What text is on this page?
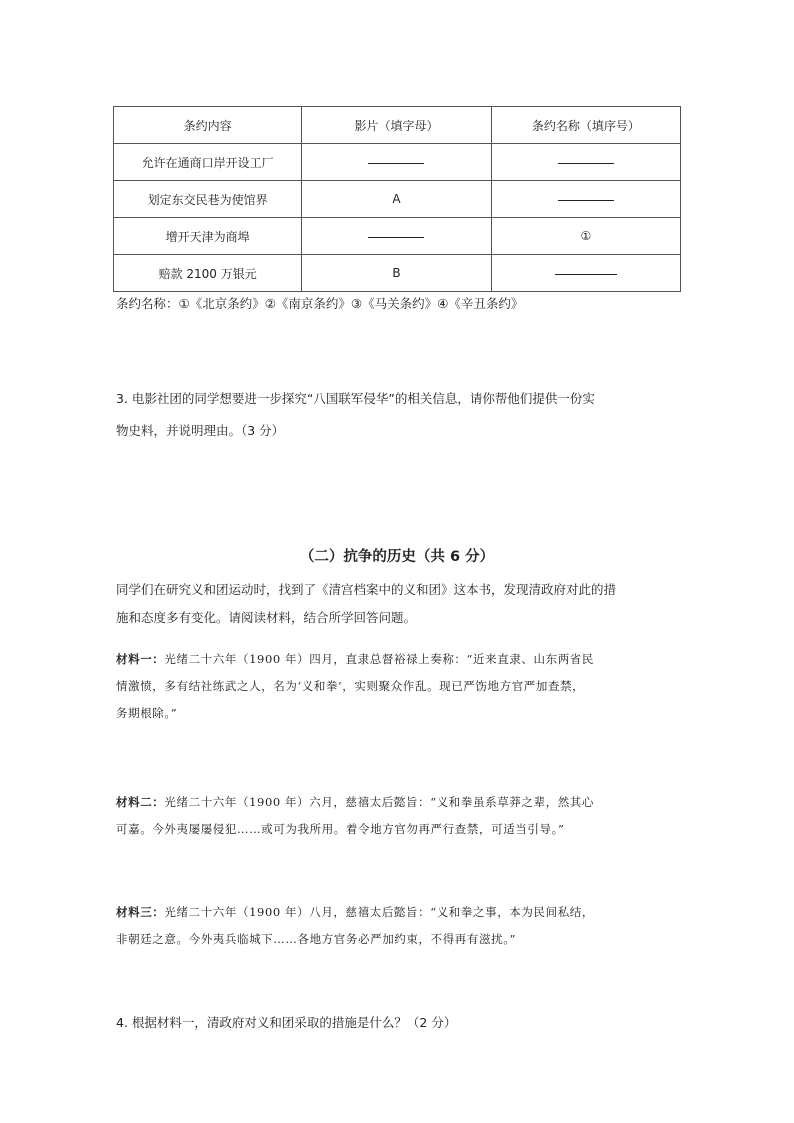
条约内容	影片（填字母）	条约名称（填序号）
允许在通商口岸开设工厂		
划定东交民巷为使馆界	A	
增开天津为商埠		①
赔款 2100 万银元	B	
条约名称：①《北京条约》②《南京条约》③《马关条约》④《辛丑条约》
3. 电影社团的同学想要进一步探究“八国联军侵华”的相关信息，请你帮他们提供一份实
物史料，并说明理由。（3 分）
（二）抗争的历史（共 6 分）
同学们在研究义和团运动时，找到了《清宫档案中的义和团》这本书，发现清政府对此的措
施和态度多有变化。请阅读材料，结合所学回答问题。
材料一：光绪二十六年（1900 年）四月，直隶总督裕禄上奏称：“近来直隶、山东两省民
情激愤，多有结社练武之人，名为‘义和拳’，实则聚众作乱。现已严饬地方官严加查禁，
务期根除。”
材料二：光绪二十六年（1900 年）六月，慈禧太后懿旨：“义和拳虽系草莽之辈，然其心
可嘉。今外夷屡屡侵犯……或可为我所用。着令地方官勿再严行查禁，可适当引导。”
材料三：光绪二十六年（1900 年）八月，慈禧太后懿旨：“义和拳之事，本为民间私结，
非朝廷之意。今外夷兵临城下……各地方官务必严加约束，不得再有滋扰。”
4. 根据材料一，清政府对义和团采取的措施是什么？（2 分）
